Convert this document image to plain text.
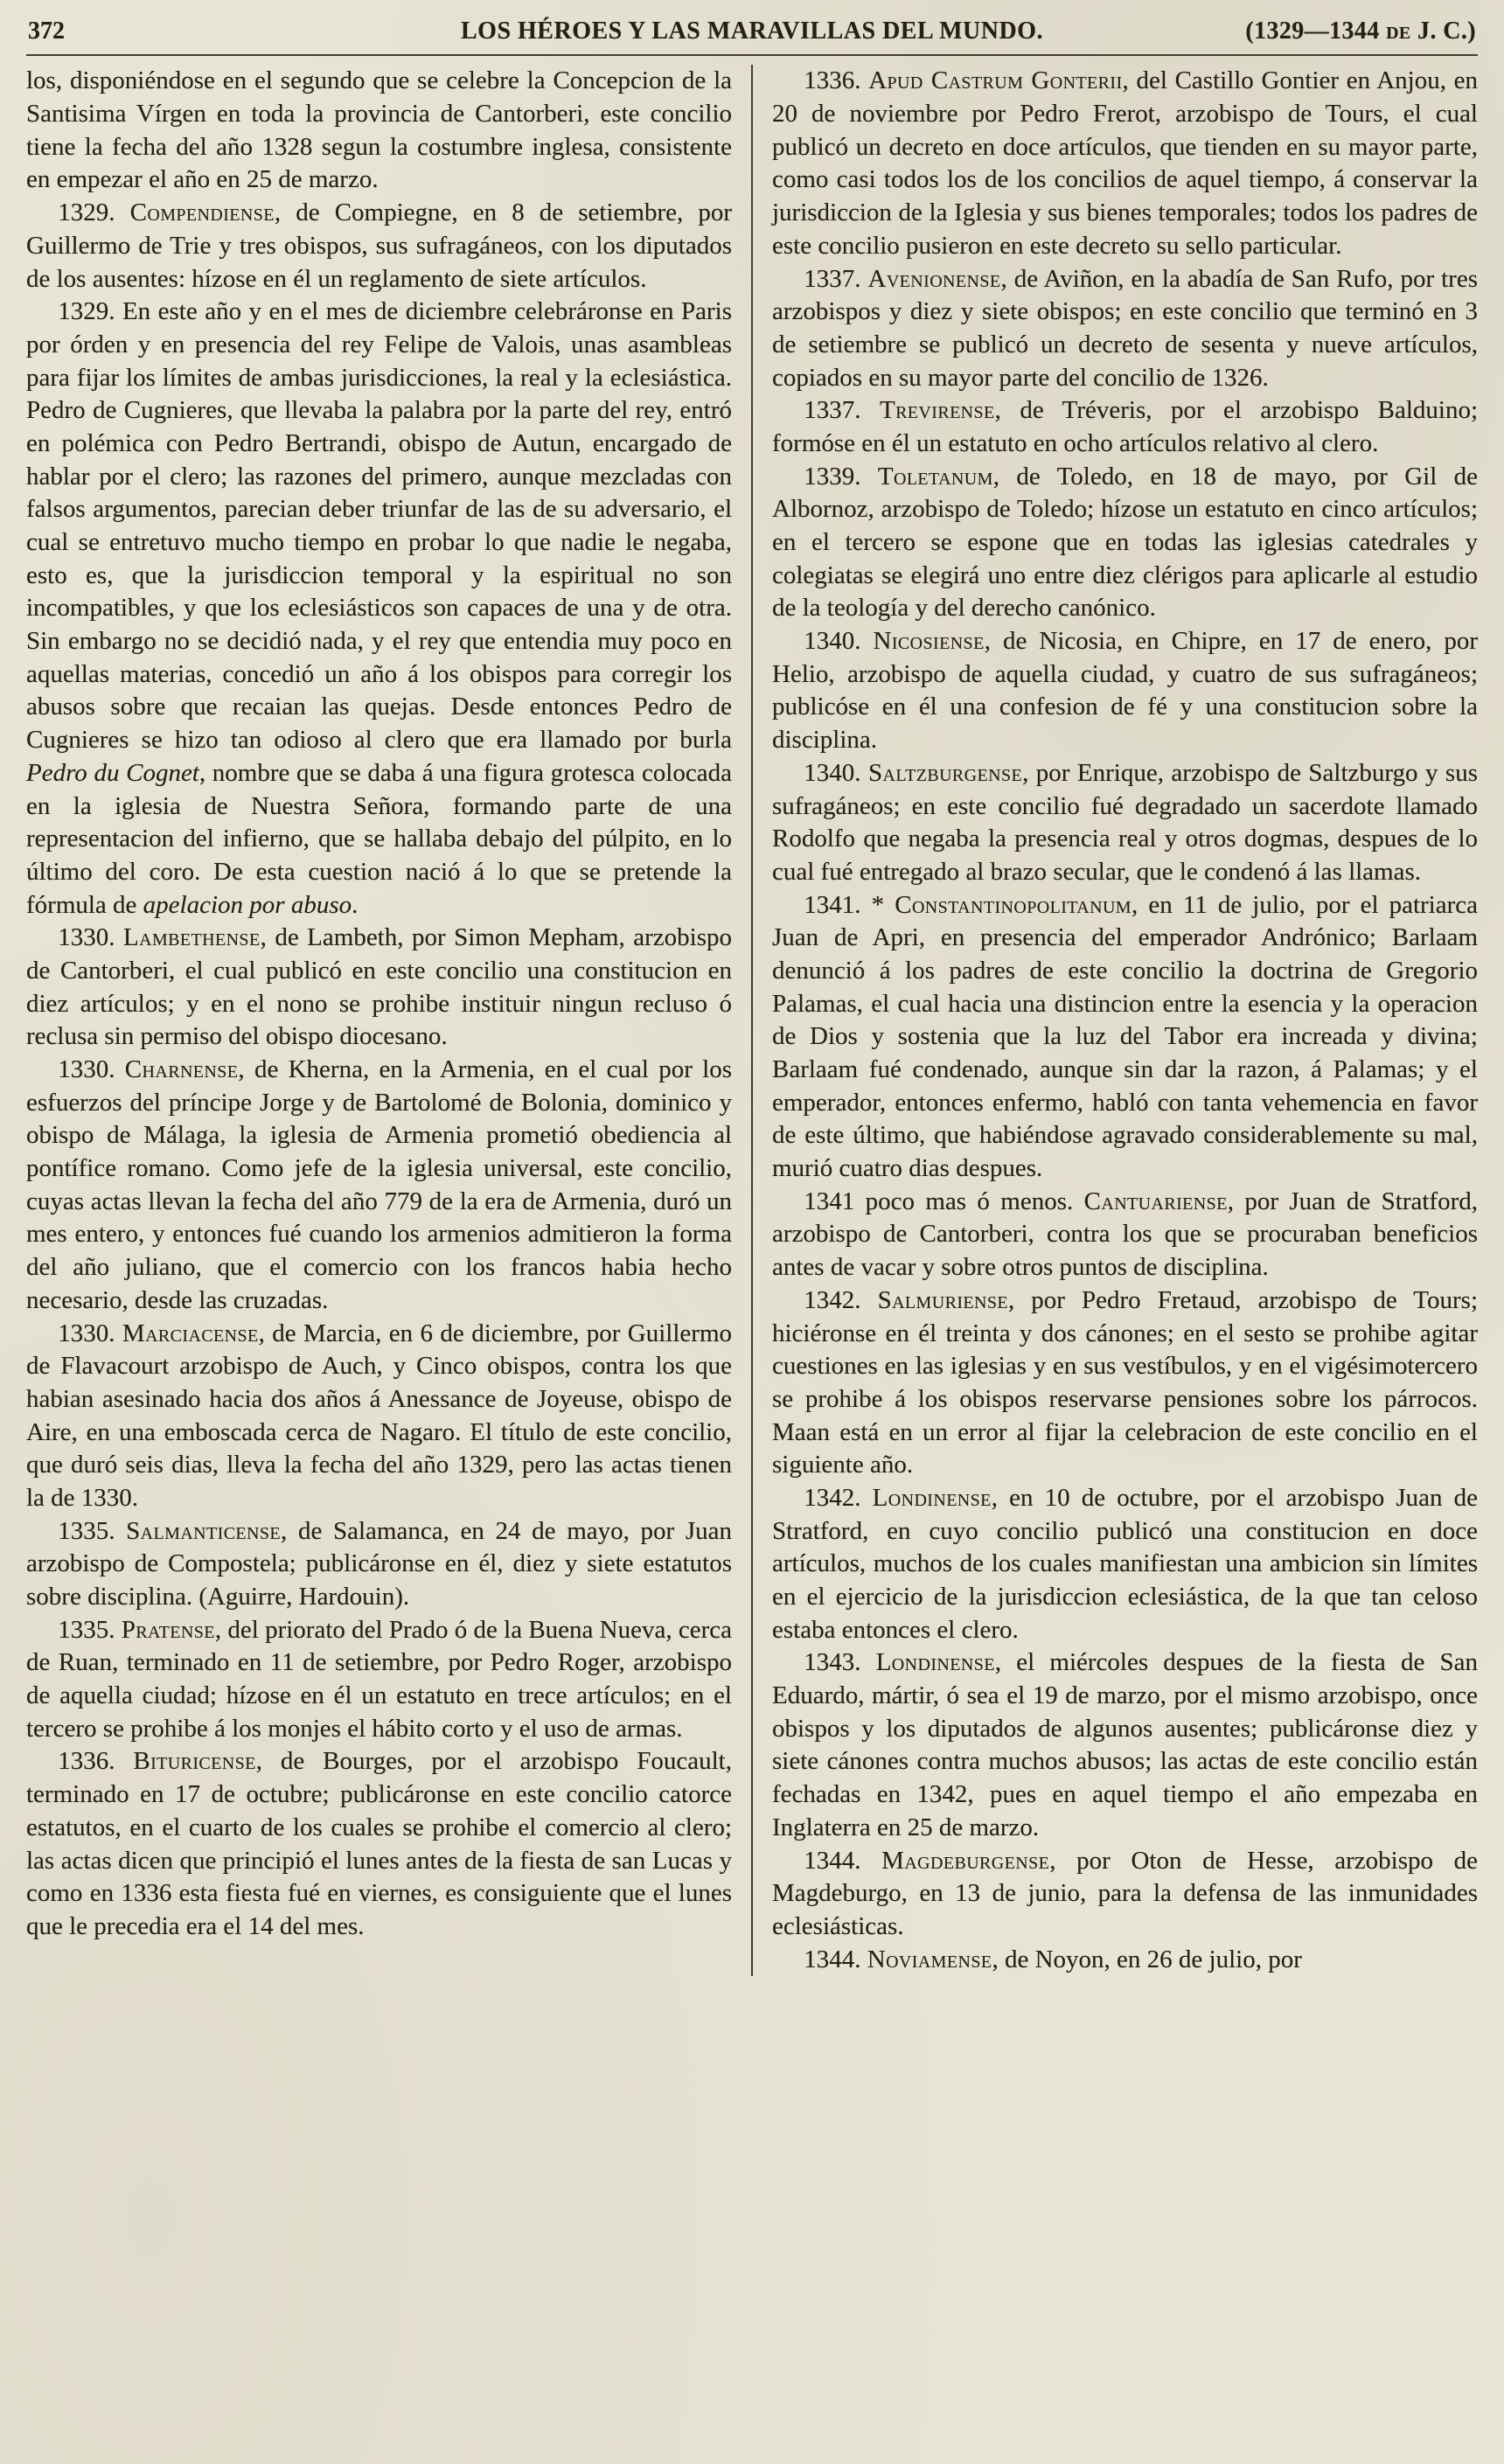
372	LOS HÉROES Y LAS MARAVILLAS DEL MUNDO.	(1329—1344 de J. C.)

los, disponiéndose en el segundo que se celebre la Concepcion de la Santisima Vírgen en toda la provincia de Cantorberi, este concilio tiene la fecha del año 1328 segun la costumbre inglesa, consistente en empezar el año en 25 de marzo.

1329. Compendiense, de Compiegne, en 8 de setiembre, por Guillermo de Trie y tres obispos, sus sufragáneos, con los diputados de los ausentes: hízose en él un reglamento de siete artículos.

1329. En este año y en el mes de diciembre celebráronse en Paris por órden y en presencia del rey Felipe de Valois, unas asambleas para fijar los límites de ambas jurisdicciones, la real y la eclesiástica. Pedro de Cugnieres, que llevaba la palabra por la parte del rey, entró en polémica con Pedro Bertrandi, obispo de Autun, encargado de hablar por el clero; las razones del primero, aunque mezcladas con falsos argumentos, parecian deber triunfar de las de su adversario, el cual se entretuvo mucho tiempo en probar lo que nadie le negaba, esto es, que la jurisdiccion temporal y la espiritual no son incompatibles, y que los eclesiásticos son capaces de una y de otra. Sin embargo no se decidió nada, y el rey que entendia muy poco en aquellas materias, concedió un año á los obispos para corregir los abusos sobre que recaian las quejas. Desde entonces Pedro de Cugnieres se hizo tan odioso al clero que era llamado por burla Pedro du Cognet, nombre que se daba á una figura grotesca colocada en la iglesia de Nuestra Señora, formando parte de una representacion del infierno, que se hallaba debajo del púlpito, en lo último del coro. De esta cuestion nació á lo que se pretende la fórmula de apelacion por abuso.

1330. Lambethense, de Lambeth, por Simon Mepham, arzobispo de Cantorberi, el cual publicó en este concilio una constitucion en diez artículos; y en el nono se prohibe instituir ningun recluso ó reclusa sin permiso del obispo diocesano.

1330. Charnense, de Kherna, en la Armenia, en el cual por los esfuerzos del príncipe Jorge y de Bartolomé de Bolonia, dominico y obispo de Málaga, la iglesia de Armenia prometió obediencia al pontífice romano. Como jefe de la iglesia universal, este concilio, cuyas actas llevan la fecha del año 779 de la era de Armenia, duró un mes entero, y entonces fué cuando los armenios admitieron la forma del año juliano, que el comercio con los francos habia hecho necesario, desde las cruzadas.

1330. Marciacense, de Marcia, en 6 de diciembre, por Guillermo de Flavacourt arzobispo de Auch, y Cinco obispos, contra los que habian asesinado hacia dos años á Anessance de Joyeuse, obispo de Aire, en una emboscada cerca de Nagaro. El título de este concilio, que duró seis dias, lleva la fecha del año 1329, pero las actas tienen la de 1330.

1335. Salmanticense, de Salamanca, en 24 de mayo, por Juan arzobispo de Compostela; publicáronse en él, diez y siete estatutos sobre disciplina. (Aguirre, Hardouin).

1335. Pratense, del priorato del Prado ó de la Buena Nueva, cerca de Ruan, terminado en 11 de setiembre, por Pedro Roger, arzobispo de aquella ciudad; hízose en él un estatuto en trece artículos; en el tercero se prohibe á los monjes el hábito corto y el uso de armas.

1336. Bituricense, de Bourges, por el arzobispo Foucault, terminado en 17 de octubre; publicáronse en este concilio catorce estatutos, en el cuarto de los cuales se prohibe el comercio al clero; las actas dicen que principió el lunes antes de la fiesta de san Lucas y como en 1336 esta fiesta fué en viernes, es consiguiente que el lunes que le precedia era el 14 del mes.

1336. Apud Castrum Gonterii, del Castillo Gontier en Anjou, en 20 de noviembre por Pedro Frerot, arzobispo de Tours, el cual publicó un decreto en doce artículos, que tienden en su mayor parte, como casi todos los de los concilios de aquel tiempo, á conservar la jurisdiccion de la Iglesia y sus bienes temporales; todos los padres de este concilio pusieron en este decreto su sello particular.

1337. Avenionense, de Aviñon, en la abadía de San Rufo, por tres arzobispos y diez y siete obispos; en este concilio que terminó en 3 de setiembre se publicó un decreto de sesenta y nueve artículos, copiados en su mayor parte del concilio de 1326.

1337. Trevirense, de Tréveris, por el arzobispo Balduino; formóse en él un estatuto en ocho artículos relativo al clero.

1339. Toletanum, de Toledo, en 18 de mayo, por Gil de Albornoz, arzobispo de Toledo; hízose un estatuto en cinco artículos; en el tercero se espone que en todas las iglesias catedrales y colegiatas se elegirá uno entre diez clérigos para aplicarle al estudio de la teología y del derecho canónico.

1340. Nicosiense, de Nicosia, en Chipre, en 17 de enero, por Helio, arzobispo de aquella ciudad, y cuatro de sus sufragáneos; publicóse en él una confesion de fé y una constitucion sobre la disciplina.

1340. Saltzburgense, por Enrique, arzobispo de Saltzburgo y sus sufragáneos; en este concilio fué degradado un sacerdote llamado Rodolfo que negaba la presencia real y otros dogmas, despues de lo cual fué entregado al brazo secular, que le condenó á las llamas.

1341. * Constantinopolitanum, en 11 de julio, por el patriarca Juan de Apri, en presencia del emperador Andrónico; Barlaam denunció á los padres de este concilio la doctrina de Gregorio Palamas, el cual hacia una distincion entre la esencia y la operacion de Dios y sostenia que la luz del Tabor era increada y divina; Barlaam fué condenado, aunque sin dar la razon, á Palamas; y el emperador, entonces enfermo, habló con tanta vehemencia en favor de este último, que habiéndose agravado considerablemente su mal, murió cuatro dias despues.

1341 poco mas ó menos. Cantuariense, por Juan de Stratford, arzobispo de Cantorberi, contra los que se procuraban beneficios antes de vacar y sobre otros puntos de disciplina.

1342. Salmuriense, por Pedro Fretaud, arzobispo de Tours; hiciéronse en él treinta y dos cánones; en el sesto se prohibe agitar cuestiones en las iglesias y en sus vestíbulos, y en el vigésimotercero se prohibe á los obispos reservarse pensiones sobre los párrocos. Maan está en un error al fijar la celebracion de este concilio en el siguiente año.

1342. Londinense, en 10 de octubre, por el arzobispo Juan de Stratford, en cuyo concilio publicó una constitucion en doce artículos, muchos de los cuales manifiestan una ambicion sin límites en el ejercicio de la jurisdiccion eclesiástica, de la que tan celoso estaba entonces el clero.

1343. Londinense, el miércoles despues de la fiesta de San Eduardo, mártir, ó sea el 19 de marzo, por el mismo arzobispo, once obispos y los diputados de algunos ausentes; publicáronse diez y siete cánones contra muchos abusos; las actas de este concilio están fechadas en 1342, pues en aquel tiempo el año empezaba en Inglaterra en 25 de marzo.

1344. Magdeburgense, por Oton de Hesse, arzobispo de Magdeburgo, en 13 de junio, para la defensa de las inmunidades eclesiásticas.

1344. Noviamense, de Noyon, en 26 de julio, por
